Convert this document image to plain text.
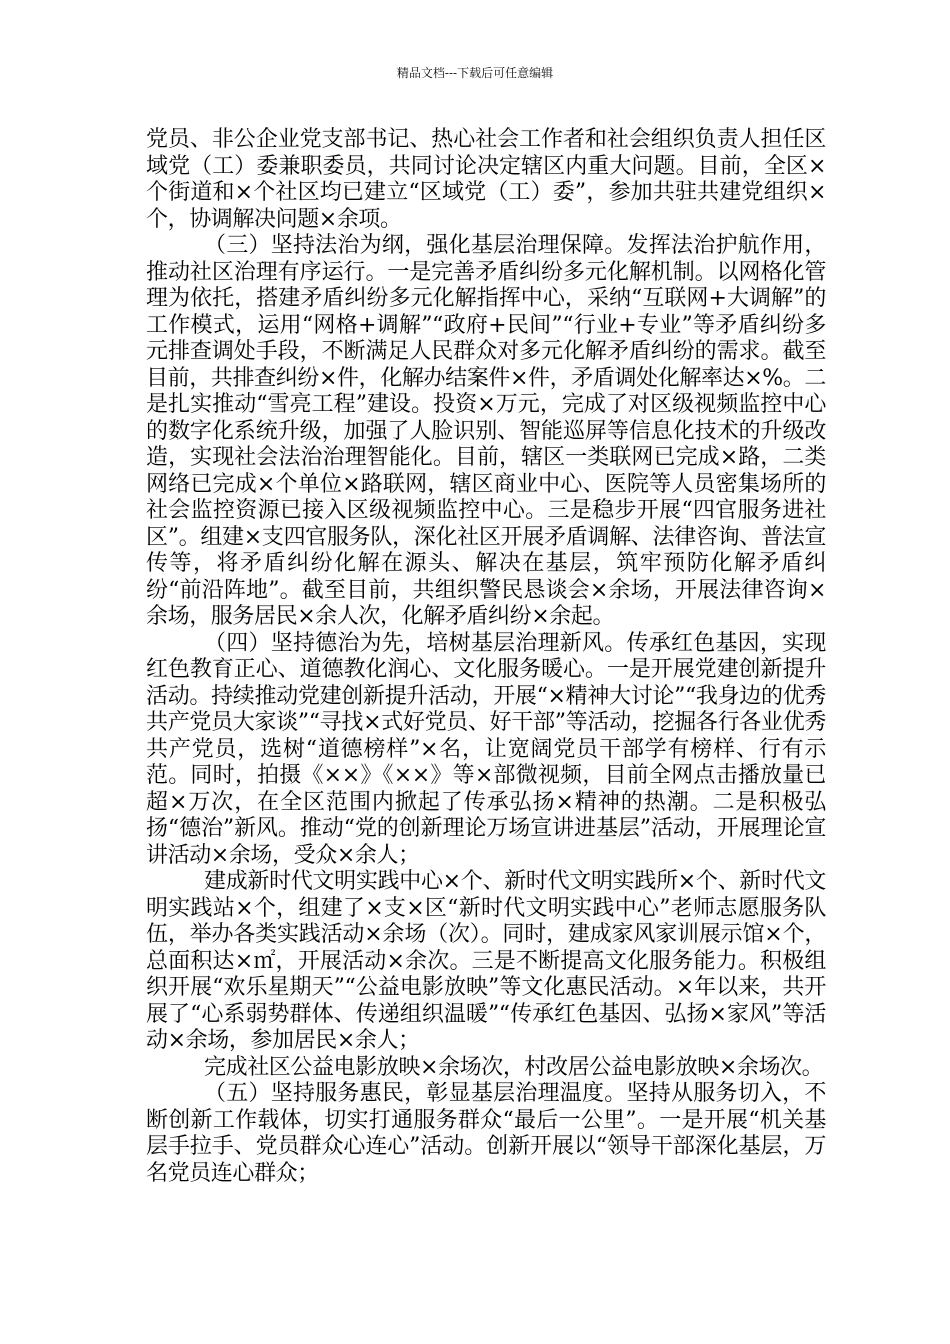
精品文档---下载后可任意编辑

党员、非公企业党支部书记、热心社会工作者和社会组织负责人担任区域党（工）委兼职委员，共同讨论决定辖区内重大问题。目前，全区×个街道和×个社区均已建立“区域党（工）委”，参加共驻共建党组织×个，协调解决问题×余项。

（三）坚持法治为纲，强化基层治理保障。发挥法治护航作用，推动社区治理有序运行。一是完善矛盾纠纷多元化解机制。以网格化管理为依托，搭建矛盾纠纷多元化解指挥中心，采纳“互联网+大调解”的工作模式，运用“网格+调解”“政府+民间”“行业+专业”等矛盾纠纷多元排查调处手段，不断满足人民群众对多元化解矛盾纠纷的需求。截至目前，共排查纠纷×件，化解办结案件×件，矛盾调处化解率达×%。二是扎实推动“雪亮工程”建设。投资×万元，完成了对区级视频监控中心的数字化系统升级，加强了人脸识别、智能巡屏等信息化技术的升级改造，实现社会法治治理智能化。目前，辖区一类联网已完成×路，二类网络已完成×个单位×路联网，辖区商业中心、医院等人员密集场所的社会监控资源已接入区级视频监控中心。三是稳步开展“四官服务进社区”。组建×支四官服务队，深化社区开展矛盾调解、法律咨询、普法宣传等，将矛盾纠纷化解在源头、解决在基层，筑牢预防化解矛盾纠纷“前沿阵地”。截至目前，共组织警民恳谈会×余场，开展法律咨询×余场，服务居民×余人次，化解矛盾纠纷×余起。

（四）坚持德治为先，培树基层治理新风。传承红色基因，实现红色教育正心、道德教化润心、文化服务暖心。一是开展党建创新提升活动。持续推动党建创新提升活动，开展“×精神大讨论”“我身边的优秀共产党员大家谈”“寻找×式好党员、好干部”等活动，挖掘各行各业优秀共产党员，选树“道德榜样”×名，让宽阔党员干部学有榜样、行有示范。同时，拍摄《××》《××》等×部微视频，目前全网点击播放量已超×万次，在全区范围内掀起了传承弘扬×精神的热潮。二是积极弘扬“德治”新风。推动“党的创新理论万场宣讲进基层”活动，开展理论宣讲活动×余场，受众×余人；

建成新时代文明实践中心×个、新时代文明实践所×个、新时代文明实践站×个，组建了×支×区“新时代文明实践中心”老师志愿服务队伍，举办各类实践活动×余场（次）。同时，建成家风家训展示馆×个，总面积达×㎡，开展活动×余次。三是不断提高文化服务能力。积极组织开展“欢乐星期天”“公益电影放映”等文化惠民活动。×年以来，共开展了“心系弱势群体、传递组织温暖”“传承红色基因、弘扬×家风”等活动×余场，参加居民×余人；

完成社区公益电影放映×余场次，村改居公益电影放映×余场次。

（五）坚持服务惠民，彰显基层治理温度。坚持从服务切入，不断创新工作载体，切实打通服务群众“最后一公里”。一是开展“机关基层手拉手、党员群众心连心”活动。创新开展以“领导干部深化基层，万名党员连心群众；
